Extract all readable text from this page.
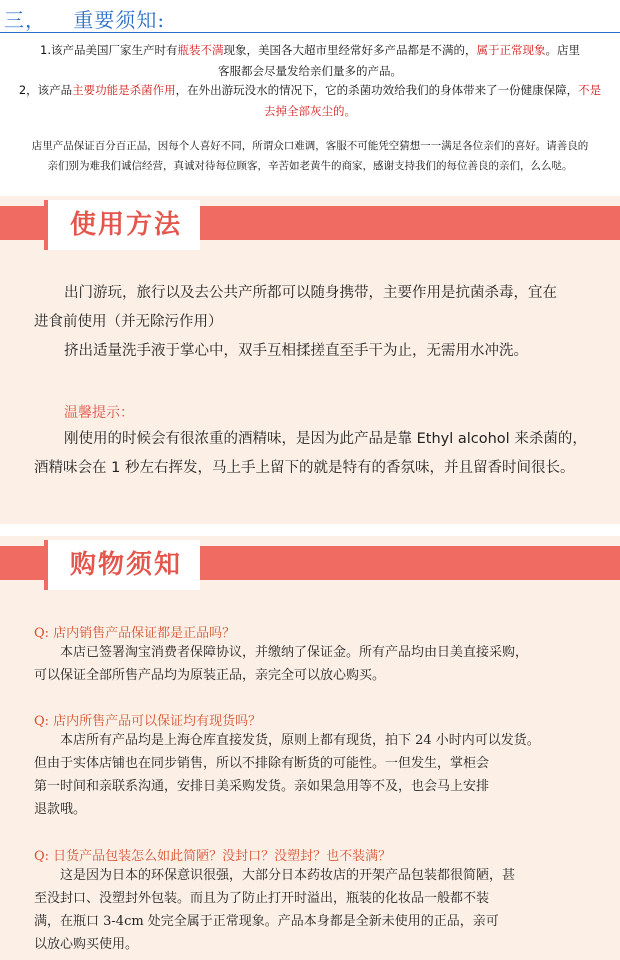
三， 重要须知:
1.该产品美国厂家生产时有瓶装不满现象，美国各大超市里经常好多产品都是不满的，属于正常现象。店里
客服都会尽量发给亲们量多的产品。
2，该产品主要功能是杀菌作用，在外出游玩没水的情况下，它的杀菌功效给我们的身体带来了一份健康保障，不是
去掉全部灰尘的。
店里产品保证百分百正品，因每个人喜好不同，所谓众口难调，客服不可能凭空猜想一一满足各位亲们的喜好。请善良的
亲们别为难我们诚信经营，真诚对待每位顾客，辛苦如老黄牛的商家，感谢支持我们的每位善良的亲们，么么哒。
使用方法
出门游玩，旅行以及去公共产所都可以随身携带，主要作用是抗菌杀毒，宜在
进食前使用（并无除污作用）
挤出适量洗手液于掌心中，双手互相揉搓直至手干为止，无需用水冲洗。
温馨提示：
刚使用的时候会有很浓重的酒精味，是因为此产品是靠 Ethyl alcohol 来杀菌的，
酒精味会在 1 秒左右挥发，马上手上留下的就是特有的香氛味，并且留香时间很长。
购物须知
Q: 店内销售产品保证都是正品吗？
本店已签署淘宝消费者保障协议，并缴纳了保证金。所有产品均由日美直接采购，
可以保证全部所售产品均为原装正品，亲完全可以放心购买。
Q: 店内所售产品可以保证均有现货吗？
本店所有产品均是上海仓库直接发货，原则上都有现货，拍下 24 小时内可以发货。
但由于实体店铺也在同步销售，所以不排除有断货的可能性。一但发生，掌柜会
第一时间和亲联系沟通，安排日美采购发货。亲如果急用等不及，也会马上安排
退款哦。
Q: 日货产品包装怎么如此简陋？没封口？没塑封？也不装满？
这是因为日本的环保意识很强，大部分日本药妆店的开架产品包装都很简陋，甚
至没封口、没塑封外包装。而且为了防止打开时溢出，瓶装的化妆品一般都不装
满，在瓶口 3-4cm 处完全属于正常现象。产品本身都是全新未使用的正品，亲可
以放心购买使用。
